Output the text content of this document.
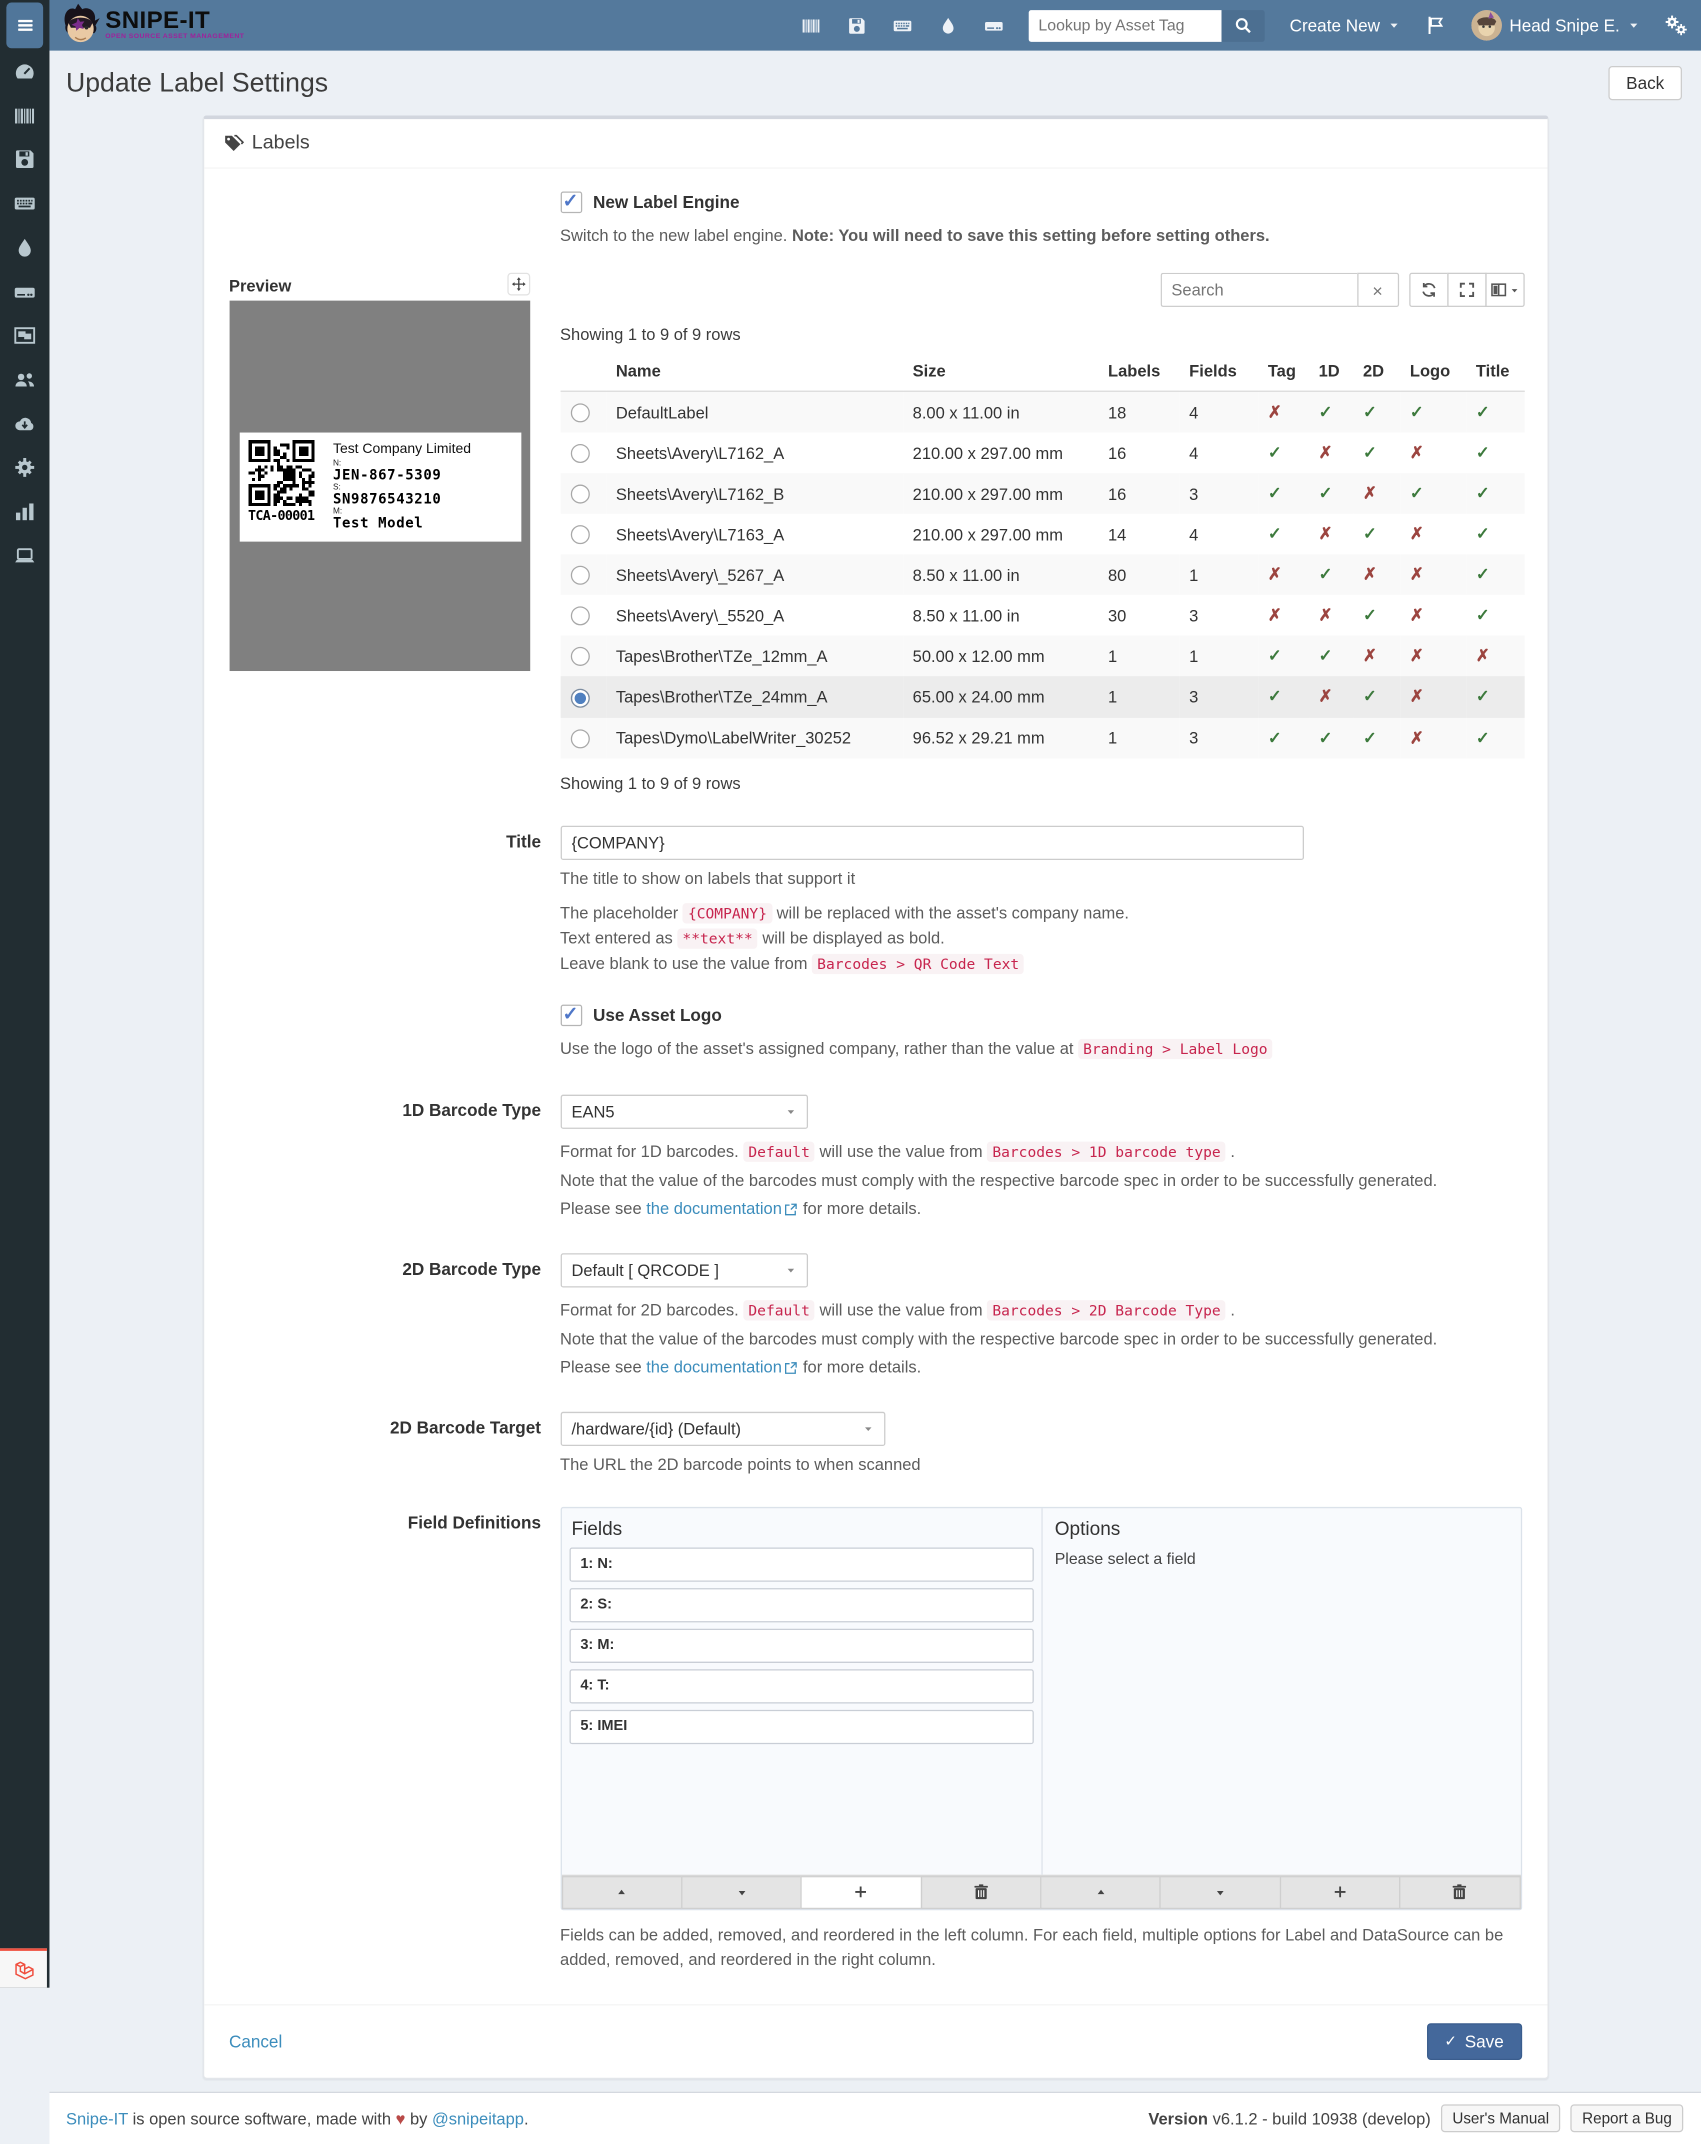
SNIPE-IT
OPEN SOURCE ASSET MANAGEMENT
Lookup by Asset Tag
Create New	Head Snipe E.
Update Label Settings	Back
Labels
✓ New Label Engine

Switch to the new label engine. Note: You will need to save this setting before setting others.

Preview
TCA-00001
Test Company Limited
N:
JEN-867-5309
S:
SN9876543210
M:
Test Model
Search
×
Showing 1 to 9 of 9 rows
	Name	Size	Labels	Fields	Tag	1D	2D	Logo	Title
	DefaultLabel	8.00 x 11.00 in	18	4	✗	✓	✓	✓	✓
	Sheets\Avery\L7162_A	210.00 x 297.00 mm	16	4	✓	✗	✓	✗	✓
	Sheets\Avery\L7162_B	210.00 x 297.00 mm	16	3	✓	✓	✗	✓	✓
	Sheets\Avery\L7163_A	210.00 x 297.00 mm	14	4	✓	✗	✓	✗	✓
	Sheets\Avery\_5267_A	8.50 x 11.00 in	80	1	✗	✓	✗	✗	✓
	Sheets\Avery\_5520_A	8.50 x 11.00 in	30	3	✗	✗	✓	✗	✓
	Tapes\Brother\TZe_12mm_A	50.00 x 12.00 mm	1	1	✓	✓	✗	✗	✗
	Tapes\Brother\TZe_24mm_A	65.00 x 24.00 mm	1	3	✓	✗	✓	✗	✓
	Tapes\Dymo\LabelWriter_30252	96.52 x 29.21 mm	1	3	✓	✓	✓	✗	✓
Showing 1 to 9 of 9 rows
Title
{COMPANY}
The title to show on labels that support it

The placeholder {COMPANY} will be replaced with the asset's company name.

Text entered as **text** will be displayed as bold.

Leave blank to use the value from Barcodes > QR Code Text

✓ Use Asset Logo

Use the logo of the asset's assigned company, rather than the value at Branding > Label Logo

1D Barcode Type EAN5

Format for 1D barcodes. Default will use the value from Barcodes > 1D barcode type .

Note that the value of the barcodes must comply with the respective barcode spec in order to be successfully generated.

Please see the documentation
for more details.

2D Barcode Type Default [ QRCODE ]

Format for 2D barcodes. Default will use the value from Barcodes > 2D Barcode Type .

Note that the value of the barcodes must comply with the respective barcode spec in order to be successfully generated.

Please see the documentation
for more details.

2D Barcode Target /hardware/{id} (Default)
The URL the 2D barcode points to when scanned
Field Definitions Fields
1: N:
2: S:
3: M:
4: T:
5: IMEI
Options
Please select a field

Fields can be added, removed, and reordered in the left column. For each field, multiple options for Label and DataSource can be added, removed, and reordered in the right column.

Cancel	✓ Save
Snipe-IT is open source software, made with ♥ by @snipeitapp.	Version v6.1.2 - build 10938 (develop)	User's Manual	Report a Bug
